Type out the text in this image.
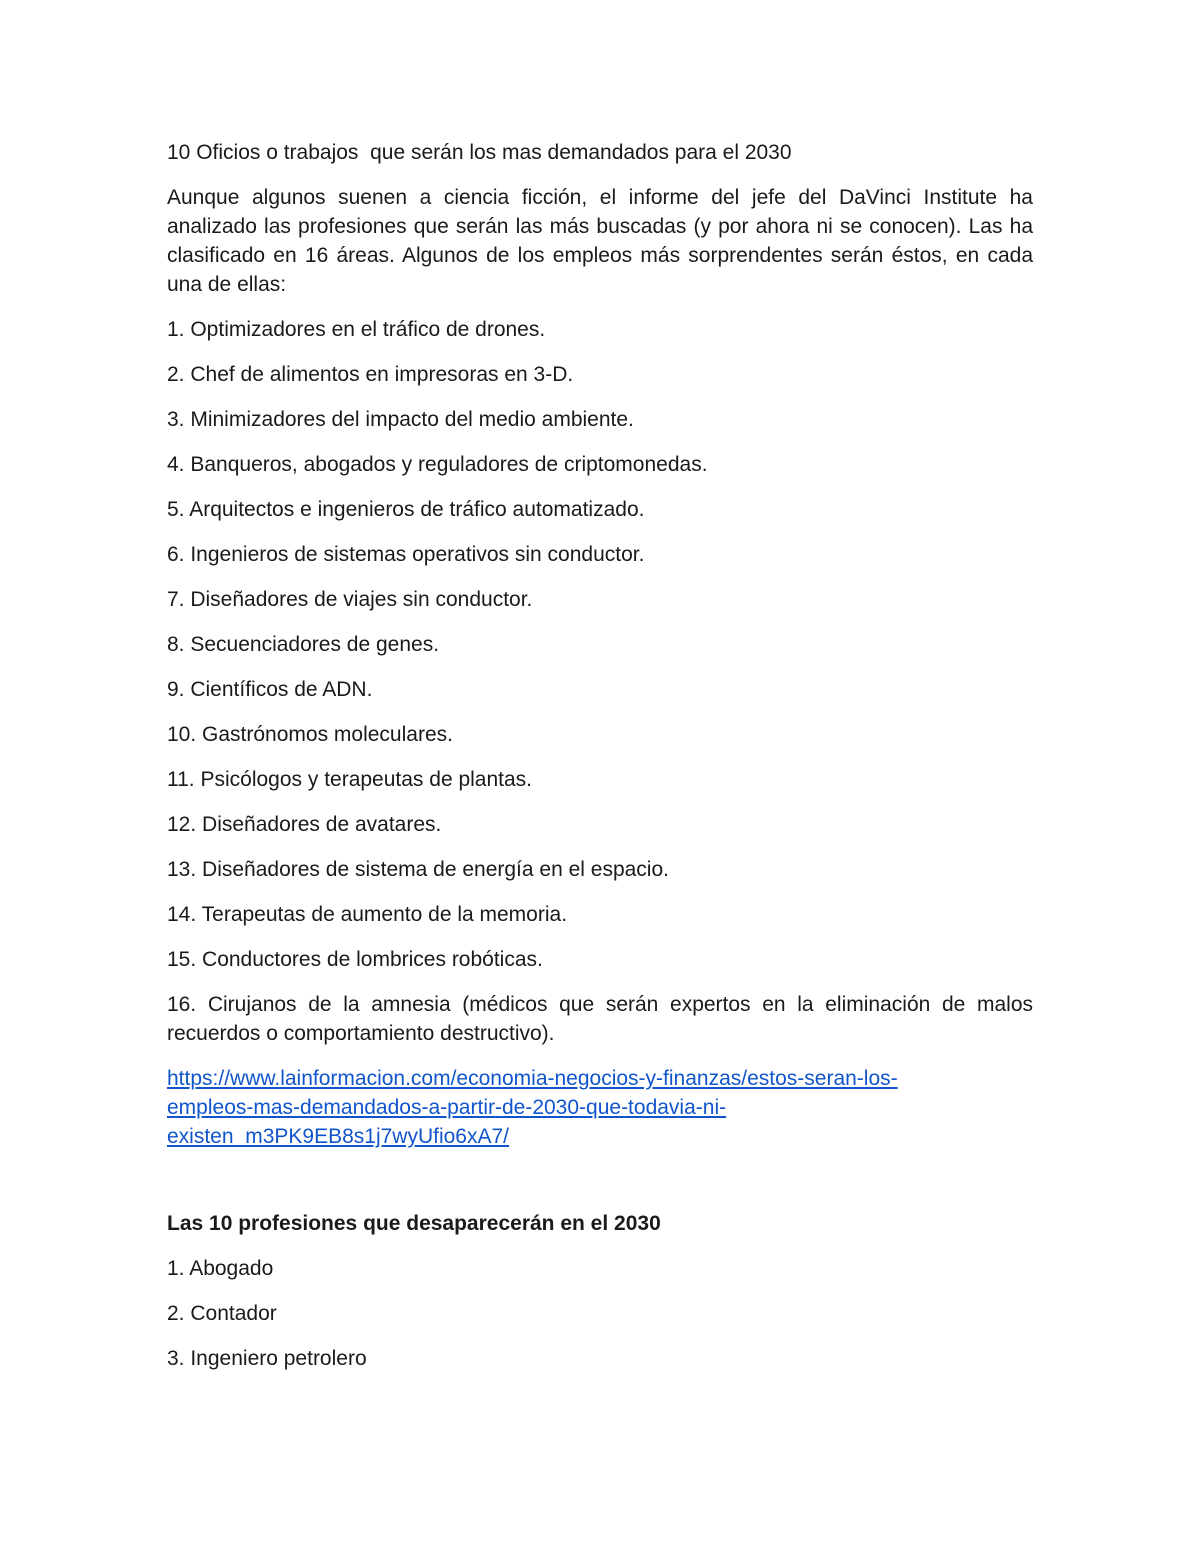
10 Oficios o trabajos  que serán los mas demandados para el 2030

Aunque algunos suenen a ciencia ficción, el informe del jefe del DaVinci Institute ha analizado las profesiones que serán las más buscadas (y por ahora ni se conocen). Las ha clasificado en 16 áreas. Algunos de los empleos más sorprendentes serán éstos, en cada una de ellas:

1. Optimizadores en el tráfico de drones.

2. Chef de alimentos en impresoras en 3-D.

3. Minimizadores del impacto del medio ambiente.

4. Banqueros, abogados y reguladores de criptomonedas.

5. Arquitectos e ingenieros de tráfico automatizado.

6. Ingenieros de sistemas operativos sin conductor.

7. Diseñadores de viajes sin conductor.

8. Secuenciadores de genes.

9. Científicos de ADN.

10. Gastrónomos moleculares.

11. Psicólogos y terapeutas de plantas.

12. Diseñadores de avatares.

13. Diseñadores de sistema de energía en el espacio.

14. Terapeutas de aumento de la memoria.

15. Conductores de lombrices robóticas.

16. Cirujanos de la amnesia (médicos que serán expertos en la eliminación de malos recuerdos o comportamiento destructivo).

https://www.lainformacion.com/economia-negocios-y-finanzas/estos-seran-los-
empleos-mas-demandados-a-partir-de-2030-que-todavia-ni-
existen_m3PK9EB8s1j7wyUfio6xA7/

Las 10 profesiones que desaparecerán en el 2030

1. Abogado

2. Contador

3. Ingeniero petrolero
